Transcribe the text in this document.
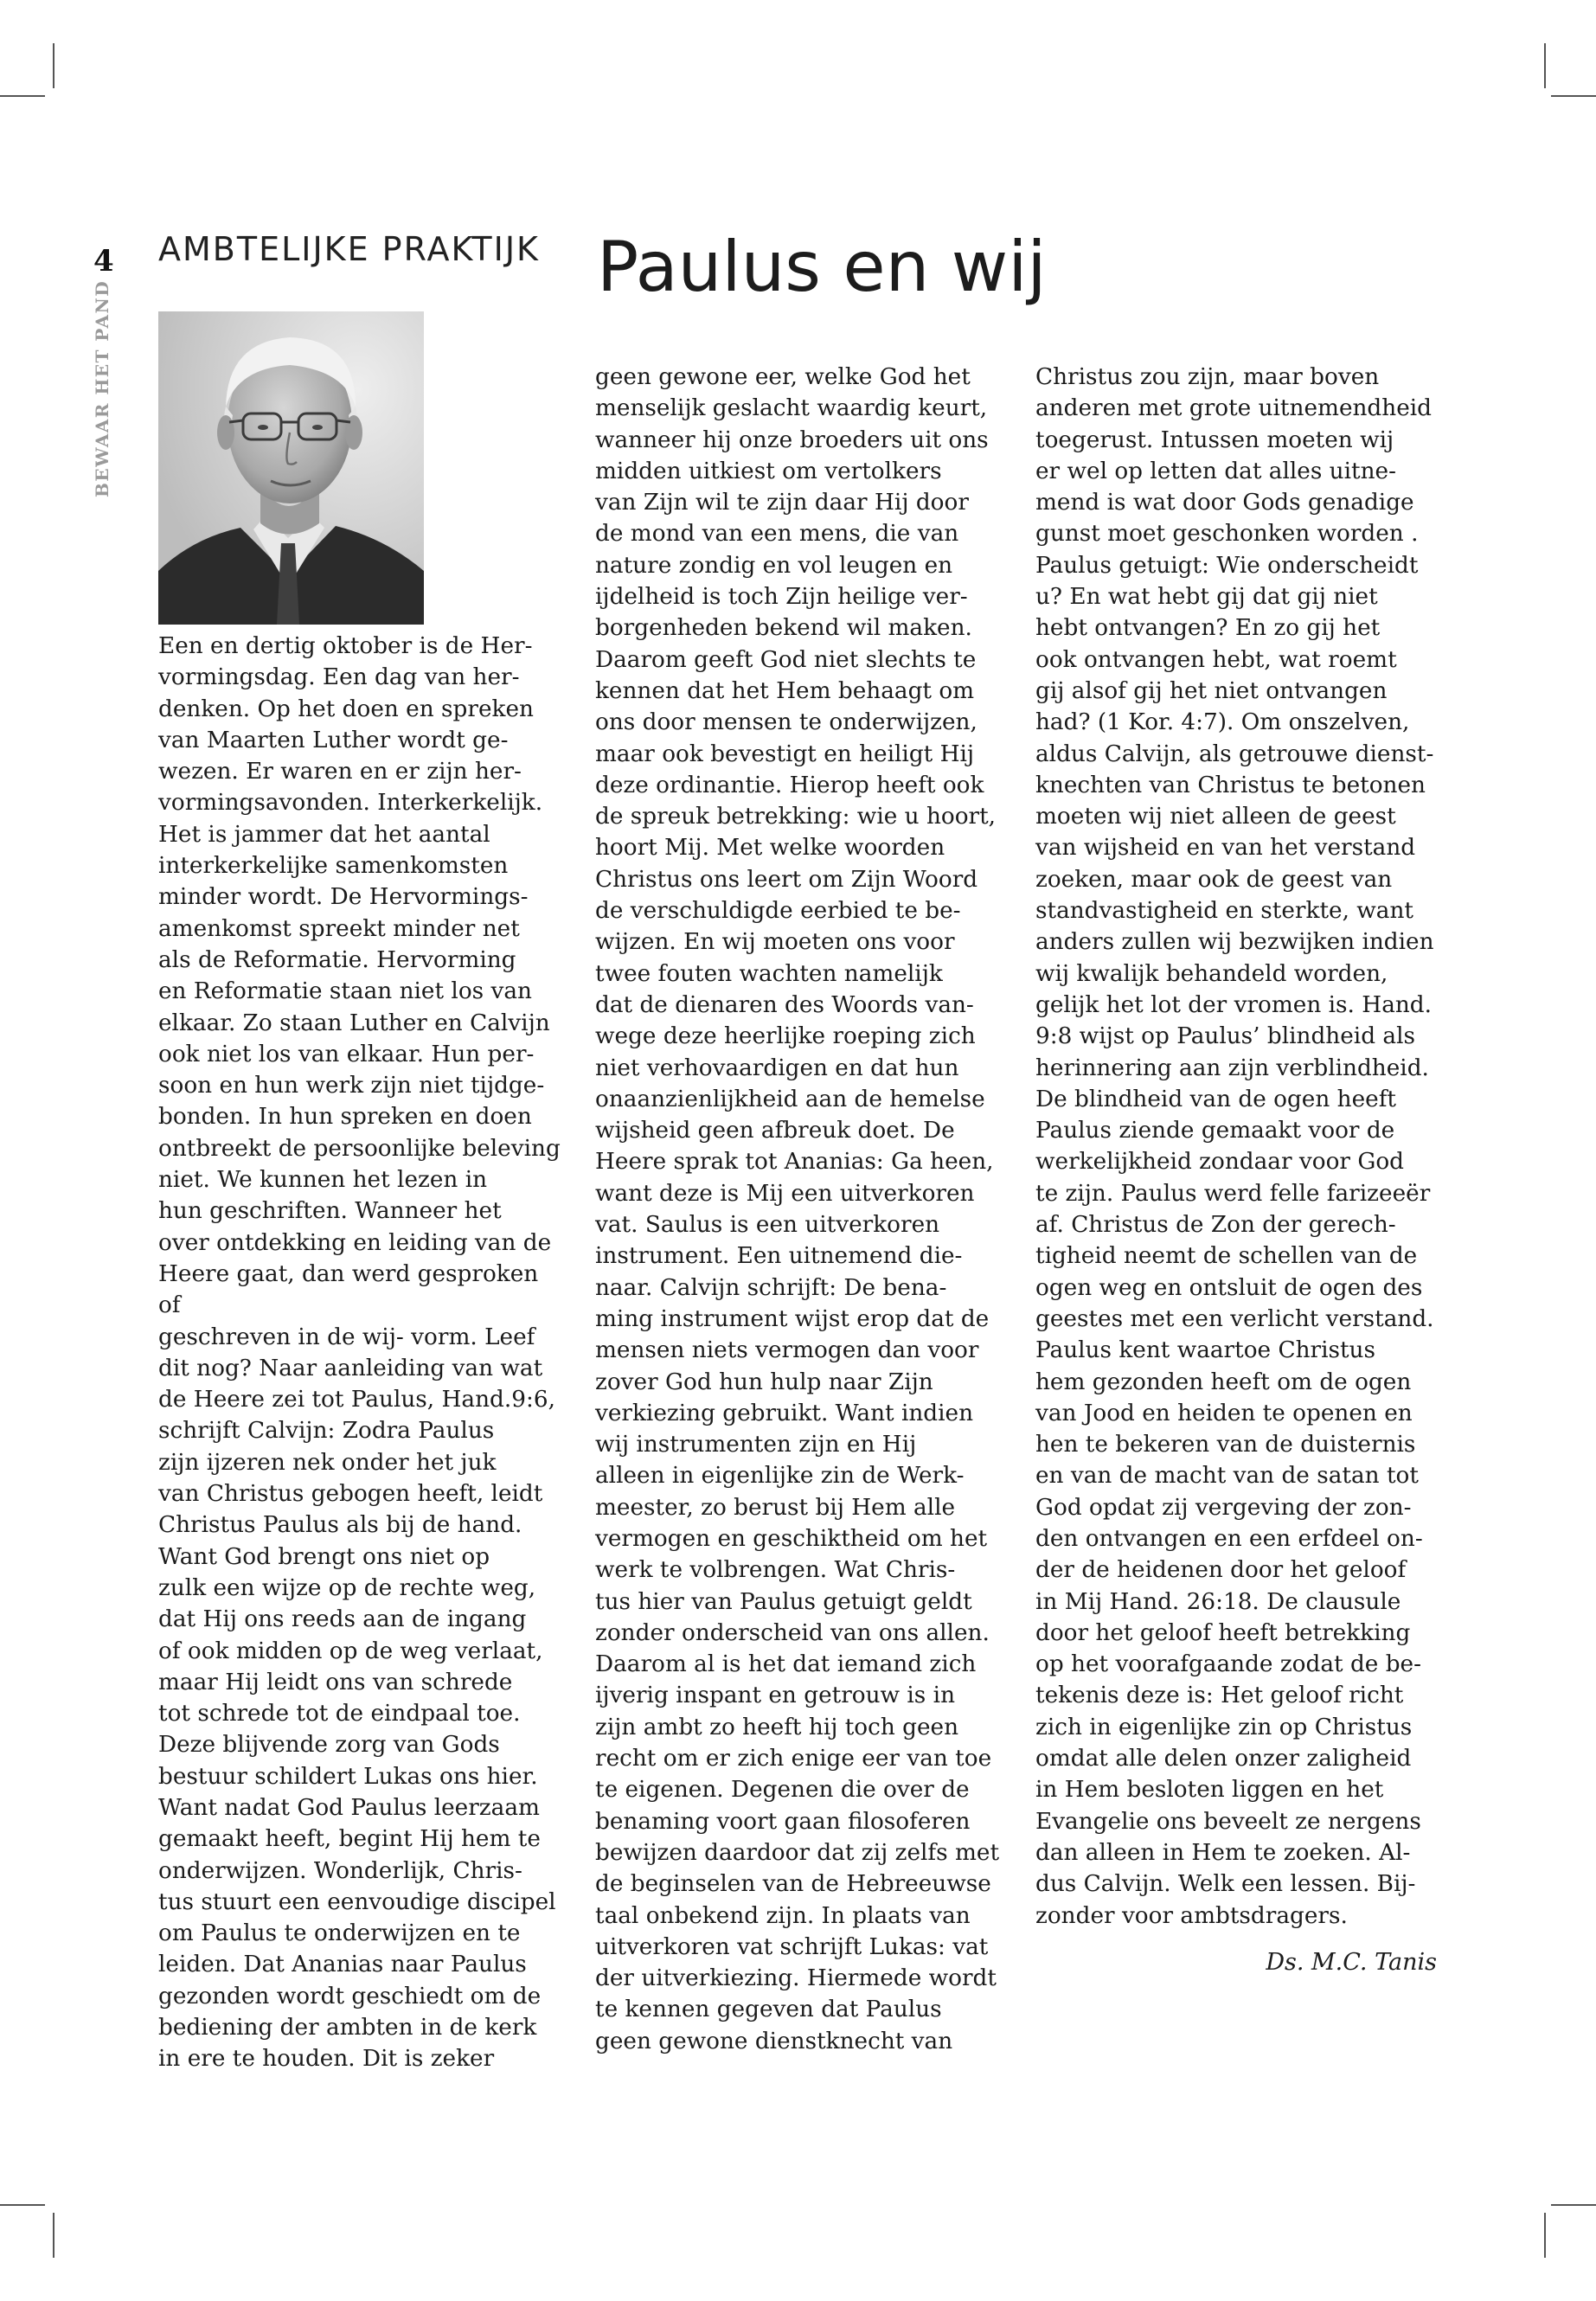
4
BEWAAR HET PAND
AMBTELIJKE PRAKTIJK Paulus en wij
Een en dertig oktober is de Her-
vormingsdag. Een dag van her-
denken. Op het doen en spreken
van Maarten Luther wordt ge-
wezen. Er waren en er zijn her-
vormingsavonden. Interkerkelijk.
Het is jammer dat het aantal
interkerkelijke samenkomsten
minder wordt. De Hervormings-
amenkomst spreekt minder net
als de Reformatie. Hervorming
en Reformatie staan niet los van
elkaar. Zo staan Luther en Calvijn
ook niet los van elkaar. Hun per-
soon en hun werk zijn niet tijdge-
bonden. In hun spreken en doen
ontbreekt de persoonlijke beleving
niet. We kunnen het lezen in
hun geschriften. Wanneer het
over ontdekking en leiding van de
Heere gaat, dan werd gesproken of
geschreven in de wij- vorm. Leef
dit nog? Naar aanleiding van wat
de Heere zei tot Paulus, Hand.9:6,
schrijft Calvijn: Zodra Paulus
zijn ijzeren nek onder het juk
van Christus gebogen heeft, leidt
Christus Paulus als bij de hand.
Want God brengt ons niet op
zulk een wijze op de rechte weg,
dat Hij ons reeds aan de ingang
of ook midden op de weg verlaat,
maar Hij leidt ons van schrede
tot schrede tot de eindpaal toe.
Deze blijvende zorg van Gods
bestuur schildert Lukas ons hier.
Want nadat God Paulus leerzaam
gemaakt heeft, begint Hij hem te
onderwijzen. Wonderlijk, Chris-
tus stuurt een eenvoudige discipel
om Paulus te onderwijzen en te
leiden. Dat Ananias naar Paulus
gezonden wordt geschiedt om de
bediening der ambten in de kerk
in ere te houden. Dit is zeker
geen gewone eer, welke God het
menselijk geslacht waardig keurt,
wanneer hij onze broeders uit ons
midden uitkiest om vertolkers
van Zijn wil te zijn daar Hij door
de mond van een mens, die van
nature zondig en vol leugen en
ijdelheid is toch Zijn heilige ver-
borgenheden bekend wil maken.
Daarom geeft God niet slechts te
kennen dat het Hem behaagt om
ons door mensen te onderwijzen,
maar ook bevestigt en heiligt Hij
deze ordinantie. Hierop heeft ook
de spreuk betrekking: wie u hoort,
hoort Mij. Met welke woorden
Christus ons leert om Zijn Woord
de verschuldigde eerbied te be-
wijzen. En wij moeten ons voor
twee fouten wachten namelijk
dat de dienaren des Woords van-
wege deze heerlijke roeping zich
niet verhovaardigen en dat hun
onaanzienlijkheid aan de hemelse
wijsheid geen afbreuk doet. De
Heere sprak tot Ananias: Ga heen,
want deze is Mij een uitverkoren
vat. Saulus is een uitverkoren
instrument. Een uitnemend die-
naar. Calvijn schrijft: De bena-
ming instrument wijst erop dat de
mensen niets vermogen dan voor
zover God hun hulp naar Zijn
verkiezing gebruikt. Want indien
wij instrumenten zijn en Hij
alleen in eigenlijke zin de Werk-
meester, zo berust bij Hem alle
vermogen en geschiktheid om het
werk te volbrengen. Wat Chris-
tus hier van Paulus getuigt geldt
zonder onderscheid van ons allen.
Daarom al is het dat iemand zich
ijverig inspant en getrouw is in
zijn ambt zo heeft hij toch geen
recht om er zich enige eer van toe
te eigenen. Degenen die over de
benaming voort gaan filosoferen
bewijzen daardoor dat zij zelfs met
de beginselen van de Hebreeuwse
taal onbekend zijn. In plaats van
uitverkoren vat schrijft Lukas: vat
der uitverkiezing. Hiermede wordt
te kennen gegeven dat Paulus
geen gewone dienstknecht van
Christus zou zijn, maar boven
anderen met grote uitnemendheid
toegerust. Intussen moeten wij
er wel op letten dat alles uitne-
mend is wat door Gods genadige
gunst moet geschonken worden .
Paulus getuigt: Wie onderscheidt
u? En wat hebt gij dat gij niet
hebt ontvangen? En zo gij het
ook ontvangen hebt, wat roemt
gij alsof gij het niet ontvangen
had? (1 Kor. 4:7). Om onszelven,
aldus Calvijn, als getrouwe dienst-
knechten van Christus te betonen
moeten wij niet alleen de geest
van wijsheid en van het verstand
zoeken, maar ook de geest van
standvastigheid en sterkte, want
anders zullen wij bezwijken indien
wij kwalijk behandeld worden,
gelijk het lot der vromen is. Hand.
9:8 wijst op Paulus’ blindheid als
herinnering aan zijn verblindheid.
De blindheid van de ogen heeft
Paulus ziende gemaakt voor de
werkelijkheid zondaar voor God
te zijn. Paulus werd felle farizeeër
af. Christus de Zon der gerech-
tigheid neemt de schellen van de
ogen weg en ontsluit de ogen des
geestes met een verlicht verstand.
Paulus kent waartoe Christus
hem gezonden heeft om de ogen
van Jood en heiden te openen en
hen te bekeren van de duisternis
en van de macht van de satan tot
God opdat zij vergeving der zon-
den ontvangen en een erfdeel on-
der de heidenen door het geloof
in Mij Hand. 26:18. De clausule
door het geloof heeft betrekking
op het voorafgaande zodat de be-
tekenis deze is: Het geloof richt
zich in eigenlijke zin op Christus
omdat alle delen onzer zaligheid
in Hem besloten liggen en het
Evangelie ons beveelt ze nergens
dan alleen in Hem te zoeken. Al-
dus Calvijn. Welk een lessen. Bij-
zonder voor ambtsdragers.
Ds. M.C. Tanis
